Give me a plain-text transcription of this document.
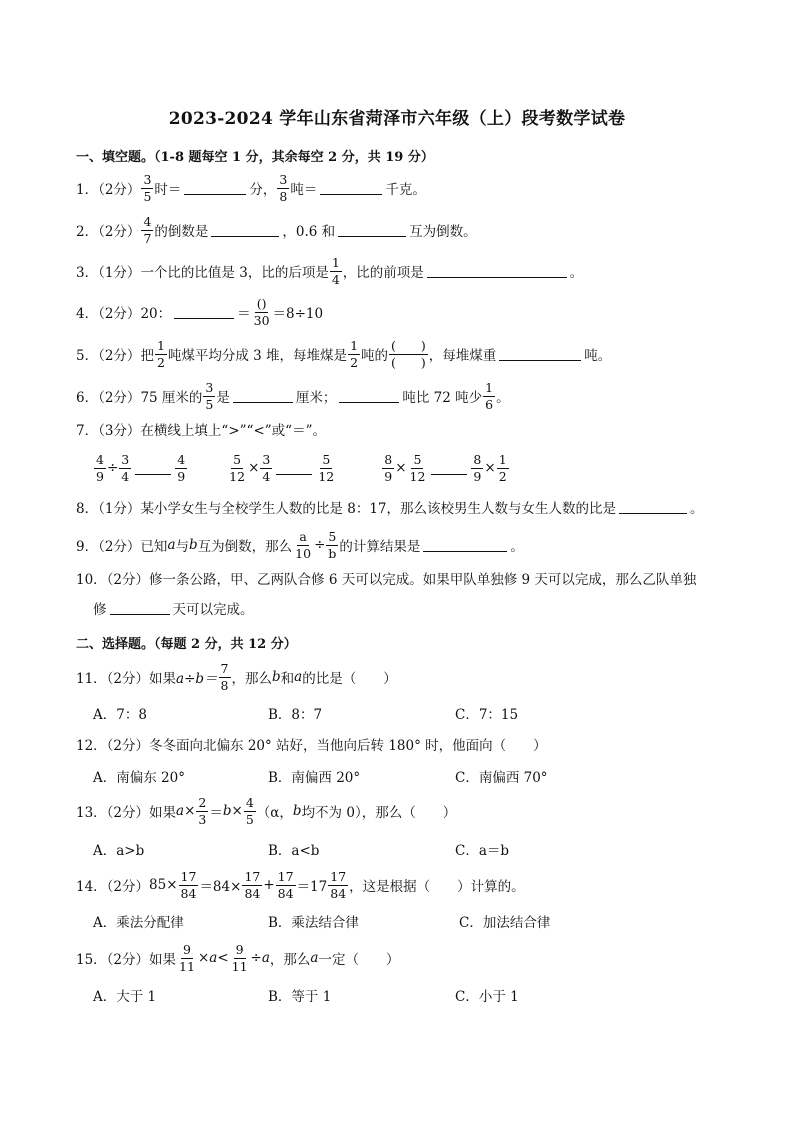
2023-2024 学年山东省菏泽市六年级（上）段考数学试卷
一、填空题。（1-8 题每空 1 分，其余每空 2 分，共 19 分）
1．（2分） $\frac{3}{5}$ 时＝	分， $\frac{3}{8}$ 吨＝	千克。
2．（2分） $\frac{4}{7}$ 的倒数是	，0.6 和	互为倒数。
3．（1分） 一个比的比值是 3，比的后项是 $\frac{1}{4}$ ，比的前项是	。
4．（2分） 20：	＝ $\frac{()}{30} =8\div 10$
5．（2分） 把 $\frac{1}{2}$ 吨煤平均分成 3 堆，每堆煤是 $\frac{1}{2}$ 吨的 $\frac{( )}{( )}$ ，每堆煤重	吨。
6．（2分） 75 厘米的 $\frac{3}{5}$ 是	厘米；	吨比 72 吨少 $\frac{1}{6}$ 。
7．（3分） 在横线上填上“>”“<”或“＝”。
$\frac{4}{9} \div \frac{3}{4}$	$\frac{4}{9}$	$\frac{5}{12} \times \frac{3}{4}$	$\frac{5}{12}$	$\frac{8}{9} \times \frac{5}{12}$	$\frac{8}{9} \times \frac{1}{2}$
8．（1分） 某小学女生与全校学生人数的比是 8：17，那么该校男生人数与女生人数的比是	。
9．（2分） 已知 a 与 b 互为倒数，那么 $\frac{a}{10} \div \frac{5}{b}$ 的计算结果是	。
10．（2分） 修一条公路，甲、乙两队合修 6 天可以完成。如果甲队单独修 9 天可以完成，那么乙队单独
修	天可以完成。
二、选择题。（每题 2 分，共 12 分）
11．（2分） 如果 $a\div b= \frac{7}{8}$ ，那么 b 和 a 的比是（　　）
A．7：8	B．8：7	C．7：15
12．（2分） 冬冬面向北偏东 20° 站好，当他向后转 180° 时，他面向（　　）
A．南偏东 20°	B．南偏西 20°	C．南偏西 70°
13．（2分） 如果 $a\times \frac{2}{3} = b\times \frac{4}{5} (\alpha$， b 均不为 0），那么（　　）
A．a>b	B．a<b	C．a＝b
14．（2分） $85\times \frac{17}{84} =84\times \frac{17}{84} + \frac{17}{84} =17 \frac{17}{84}$ ，这是根据（　　）计算的。
A．乘法分配律	B．乘法结合律	C．加法结合律
15．（2分） 如果 $\frac{9}{11} \times a < \frac{9}{11} \div a$ ，那么 a 一定（　　）
A．大于 1	B．等于 1	C．小于 1
